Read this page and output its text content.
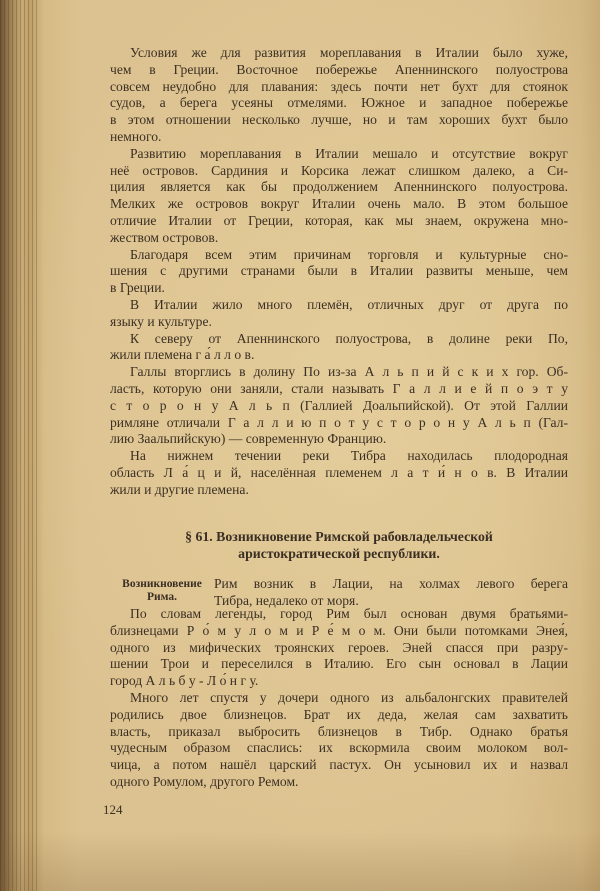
Условия же для развития мореплавания в Италии было хуже,
чем в Греции. Восточное побережье Апеннинского полуострова
совсем неудобно для плавания: здесь почти нет бухт для стоянок
судов, а берега усеяны отмелями. Южное и западное побережье
в этом отношении несколько лучше, но и там хороших бухт было
немного.
Развитию мореплавания в Италии мешало и отсутствие вокруг
неё островов. Сардиния и Корсика лежат слишком далеко, а Си-
цилия является как бы продолжением Апеннинского полуострова.
Мелких же островов вокруг Италии очень мало. В этом большое
отличие Италии от Греции, которая, как мы знаем, окружена мно-
жеством островов.
Благодаря всем этим причинам торговля и культурные сно-
шения с другими странами были в Италии развиты меньше, чем
в Греции.
В Италии жило много племён, отличных друг от друга по
языку и культуре.
К северу от Апеннинского полуострова, в долине реки По,
жили племена г а́ л л о в.
Галлы вторглись в долину По из-за А л ь п и й с к и х гор. Об-
ласть, которую они заняли, стали называть Г а л л и е й п о э т у
с т о р о н у А л ь п (Галлией Доальпийской). От этой Галлии
римляне отличали Г а л л и ю п о т у с т о р о н у А л ь п (Гал-
лию Заальпийскую) — современную Францию.
На нижнем течении реки Тибра находилась плодородная
область Л а́ ц и й, населённая племенем л а т и́ н о в. В Италии
жили и другие племена.
§ 61. Возникновение Римской рабовладельческой
аристократической республики.
Возникновение
Рима.
Рим возник в Лации, на холмах левого берега
Тибра, недалеко от моря.
По словам легенды, город Рим был основан двумя братьями-
близнецами Р о́ м у л о м и Р е́ м о м. Они были потомками Энея́,
одного из мифических троянских героев. Эней спасся при разру-
шении Трои и переселился в Италию. Его сын основал в Лации
город А л ь б у - Л о́ н г у.
Много лет спустя у дочери одного из альбалонгских правителей
родились двое близнецов. Брат их деда, желая сам захватить
власть, приказал выбросить близнецов в Тибр. Однако братья
чудесным образом спаслись: их вскормила своим молоком вол-
чица, а потом нашёл царский пастух. Он усыновил их и назвал
одного Ромулом, другого Ремом.
124
